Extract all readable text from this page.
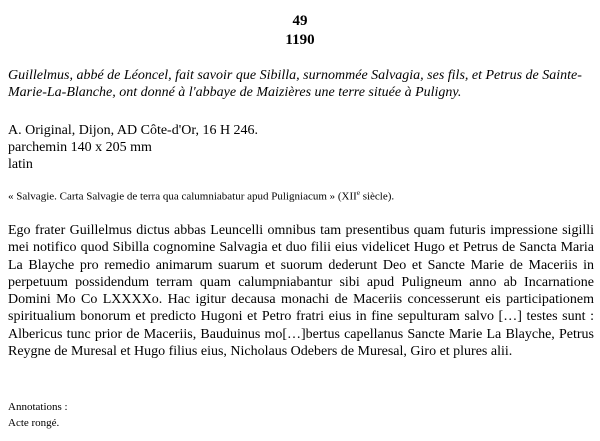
49
1190

Guillelmus, abbé de Léoncel, fait savoir que Sibilla, surnommée Salvagia, ses fils, et Petrus de Sainte-Marie-La-Blanche, ont donné à l'abbaye de Maizières une terre située à Puligny.

A. Original, Dijon, AD Côte-d'Or, 16 H 246.
parchemin 140 x 205 mm
latin
« Salvagie. Carta Salvagie de terra qua calumniabatur apud Puligniacum » (XIIe siècle).

Ego frater Guillelmus dictus abbas Leuncelli omnibus tam presentibus quam futuris impressione sigilli mei notifico quod Sibilla cognomine Salvagia et duo filii eius videlicet Hugo et Petrus de Sancta Maria La Blayche pro remedio animarum suarum et suorum dederunt Deo et Sancte Marie de Maceriis in perpetuum possidendum terram quam calumpniabantur sibi apud Puligneum anno ab Incarnatione Domini Mo Co LXXXXo. Hac igitur decausa monachi de Maceriis concesserunt eis participationem spiritualium bonorum et predicto Hugoni et Petro fratri eius in fine sepulturam salvo […] testes sunt : Albericus tunc prior de Maceriis, Bauduinus mo[…]bertus capellanus Sancte Marie La Blayche, Petrus Reygne de Muresal et Hugo filius eius, Nicholaus Odebers de Muresal, Giro et plures alii.

Annotations :
Acte rongé.
